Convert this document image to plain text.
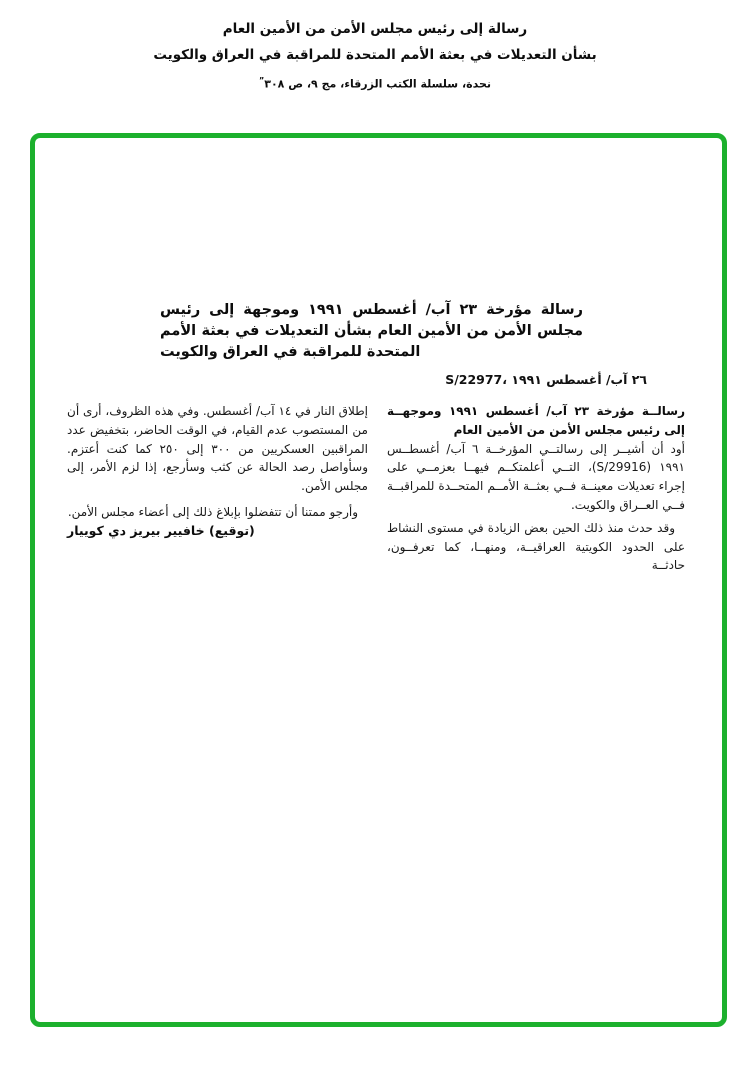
رسالة إلى رئيس مجلس الأمن من الأمين العام

بشأن التعديلات في بعثة الأمم المتحدة للمراقبة في العراق والكويت

نحدة، سلسلة الكتب الزرقاء، مج ٩، ص ٣٠٨”

رسالة مؤرخة ٢٣ آب/ أغسطس ١٩٩١ وموجهة إلى رئيس مجلس الأمن من الأمين العام بشأن التعديلات في بعثة الأمم المتحدة للمراقبة في العراق والكويت
S/22977، ٢٦ آب/ أغسطس ١٩٩١

رسالــة مؤرخة ٢٣ آب/ أغسطس ١٩٩١ وموجهــة إلى رئيس مجلس الأمن من الأمين العام

أود أن أشيــر إلى رسالتــي المؤرخــة ٦ آب/ أغسطــس ١٩٩١ (S/29916)، التــي أعلمتكــم فيهــا بعزمــي على إجراء تعديلات معينــة فــي بعثــة الأمــم المتحــدة للمراقبــة فــي العــراق والكويت.

وقد حدث منذ ذلك الحين بعض الزيادة في مستوى النشاط على الحدود الكويتية العراقيــة، ومنهــا، كما تعرفــون، حادثــة

إطلاق النار في ١٤ آب/ أغسطس. وفي هذه الظروف، أرى أن من المستصوب عدم القيام، في الوقت الحاضر، بتخفيض عدد المراقبين العسكريين من ٣٠٠ إلى ٢٥٠ كما كنت أعتزم. وسأواصل رصد الحالة عن كثب وسأرجع، إذا لزم الأمر، إلى مجلس الأمن.

وأرجو ممتنا أن تتفضلوا بإبلاغ ذلك إلى أعضاء مجلس الأمن.

(توقيع) خافيير بيريز دي كوييار
